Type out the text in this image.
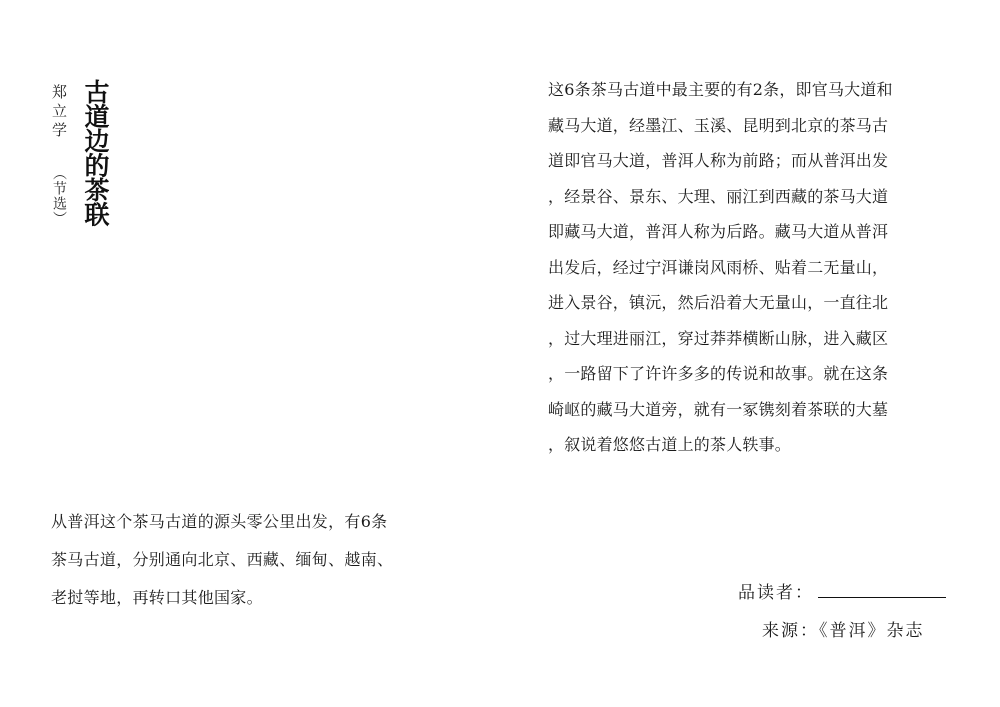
古道边的茶联
郑立学
（节选）
从普洱这个茶马古道的源头零公里出发，有6条
茶马古道，分别通向北京、西藏、缅甸、越南、
老挝等地，再转口其他国家。
这6条茶马古道中最主要的有2条，即官马大道和
藏马大道，经墨江、玉溪、昆明到北京的茶马古
道即官马大道，普洱人称为前路；而从普洱出发
，经景谷、景东、大理、丽江到西藏的茶马大道
即藏马大道，普洱人称为后路。藏马大道从普洱
出发后，经过宁洱谦岗风雨桥、贴着二无量山，
进入景谷，镇沅，然后沿着大无量山，一直往北
，过大理进丽江，穿过莽莽横断山脉，进入藏区
，一路留下了许许多多的传说和故事。就在这条
崎岖的藏马大道旁，就有一冢镌刻着茶联的大墓
，叙说着悠悠古道上的茶人轶事。
品读者：
来源：《普洱》杂志
